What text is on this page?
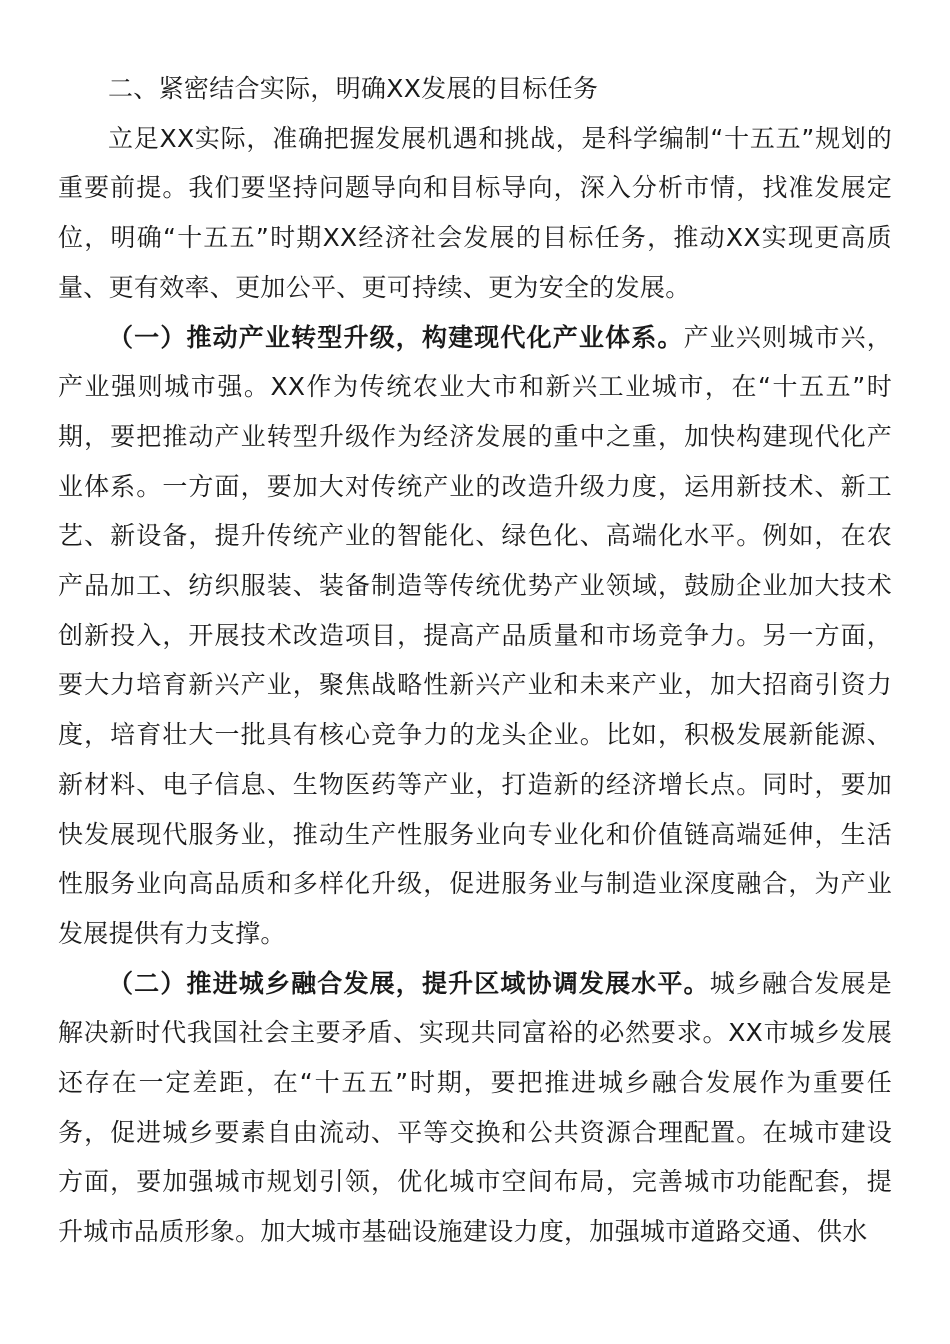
二、紧密结合实际，明确XX发展的目标任务

立足XX实际，准确把握发展机遇和挑战，是科学编制“十五五”规划的重要前提。我们要坚持问题导向和目标导向，深入分析市情，找准发展定位，明确“十五五”时期XX经济社会发展的目标任务，推动XX实现更高质量、更有效率、更加公平、更可持续、更为安全的发展。

（一）推动产业转型升级，构建现代化产业体系。产业兴则城市兴，产业强则城市强。XX作为传统农业大市和新兴工业城市，在“十五五”时期，要把推动产业转型升级作为经济发展的重中之重，加快构建现代化产业体系。一方面，要加大对传统产业的改造升级力度，运用新技术、新工艺、新设备，提升传统产业的智能化、绿色化、高端化水平。例如，在农产品加工、纺织服装、装备制造等传统优势产业领域，鼓励企业加大技术创新投入，开展技术改造项目，提高产品质量和市场竞争力。另一方面，要大力培育新兴产业，聚焦战略性新兴产业和未来产业，加大招商引资力度，培育壮大一批具有核心竞争力的龙头企业。比如，积极发展新能源、新材料、电子信息、生物医药等产业，打造新的经济增长点。同时，要加快发展现代服务业，推动生产性服务业向专业化和价值链高端延伸，生活性服务业向高品质和多样化升级，促进服务业与制造业深度融合，为产业发展提供有力支撑。

（二）推进城乡融合发展，提升区域协调发展水平。城乡融合发展是解决新时代我国社会主要矛盾、实现共同富裕的必然要求。XX市城乡发展还存在一定差距，在“十五五”时期，要把推进城乡融合发展作为重要任务，促进城乡要素自由流动、平等交换和公共资源合理配置。在城市建设方面，要加强城市规划引领，优化城市空间布局，完善城市功能配套，提升城市品质形象。加大城市基础设施建设力度，加强城市道路交通、供水
